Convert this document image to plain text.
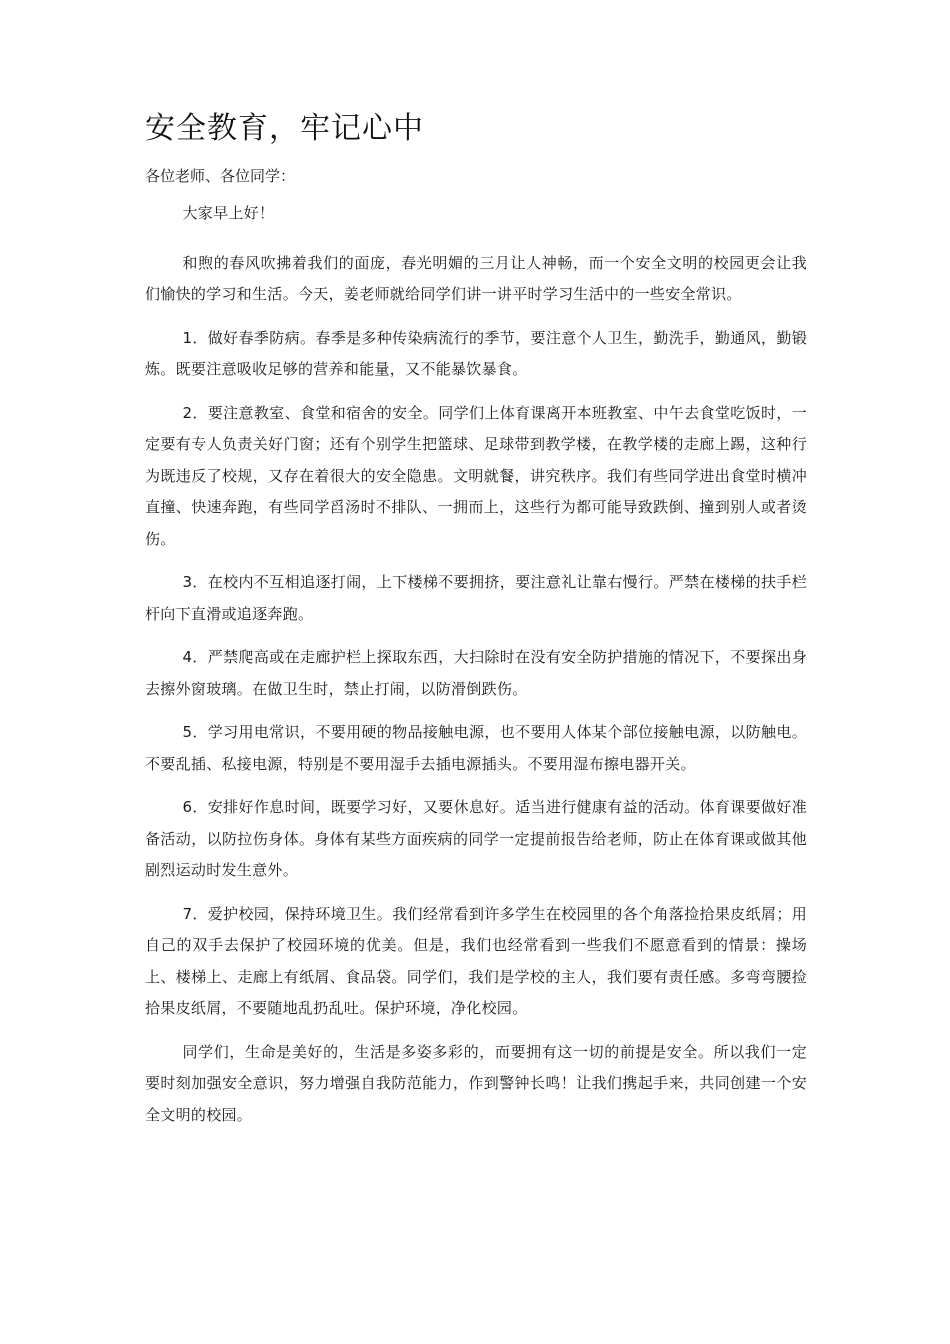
安全教育，牢记心中

各位老师、各位同学：

大家早上好！

和煦的春风吹拂着我们的面庞，春光明媚的三月让人神畅，而一个安全文明的校园更会让我们愉快的学习和生活。今天，姜老师就给同学们讲一讲平时学习生活中的一些安全常识。

1．做好春季防病。春季是多种传染病流行的季节，要注意个人卫生，勤洗手，勤通风，勤锻炼。既要注意吸收足够的营养和能量，又不能暴饮暴食。

2．要注意教室、食堂和宿舍的安全。同学们上体育课离开本班教室、中午去食堂吃饭时，一定要有专人负责关好门窗；还有个别学生把篮球、足球带到教学楼，在教学楼的走廊上踢，这种行为既违反了校规，又存在着很大的安全隐患。文明就餐，讲究秩序。我们有些同学进出食堂时横冲直撞、快速奔跑，有些同学舀汤时不排队、一拥而上，这些行为都可能导致跌倒、撞到别人或者烫伤。

3．在校内不互相追逐打闹，上下楼梯不要拥挤，要注意礼让靠右慢行。严禁在楼梯的扶手栏杆向下直滑或追逐奔跑。

4．严禁爬高或在走廊护栏上探取东西，大扫除时在没有安全防护措施的情况下，不要探出身去擦外窗玻璃。在做卫生时，禁止打闹，以防滑倒跌伤。

5．学习用电常识，不要用硬的物品接触电源，也不要用人体某个部位接触电源，以防触电。不要乱插、私接电源，特别是不要用湿手去插电源插头。不要用湿布擦电器开关。

6．安排好作息时间，既要学习好，又要休息好。适当进行健康有益的活动。体育课要做好准备活动，以防拉伤身体。身体有某些方面疾病的同学一定提前报告给老师，防止在体育课或做其他剧烈运动时发生意外。

7．爱护校园，保持环境卫生。我们经常看到许多学生在校园里的各个角落捡拾果皮纸屑；用自己的双手去保护了校园环境的优美。但是，我们也经常看到一些我们不愿意看到的情景：操场上、楼梯上、走廊上有纸屑、食品袋。同学们，我们是学校的主人，我们要有责任感。多弯弯腰捡拾果皮纸屑，不要随地乱扔乱吐。保护环境，净化校园。

同学们，生命是美好的，生活是多姿多彩的，而要拥有这一切的前提是安全。所以我们一定要时刻加强安全意识，努力增强自我防范能力，作到警钟长鸣！让我们携起手来，共同创建一个安全文明的校园。
